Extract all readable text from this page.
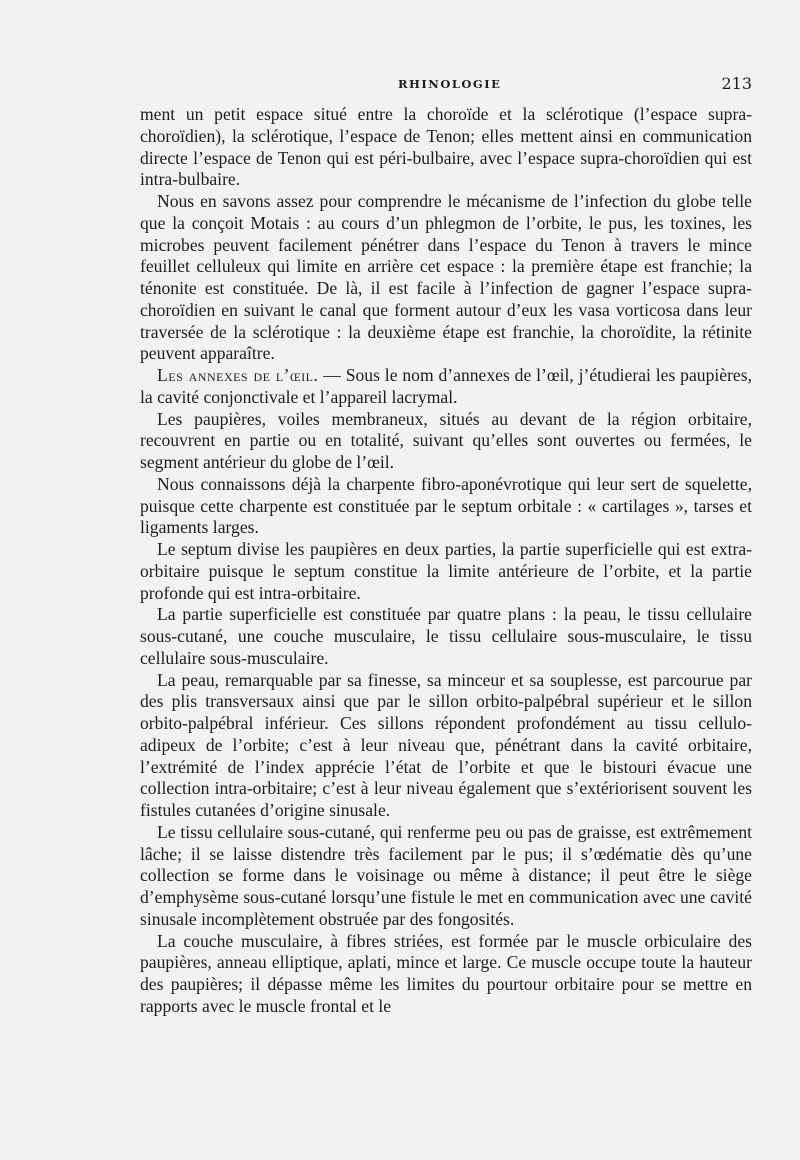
RHINOLOGIE	213

ment un petit espace situé entre la choroïde et la sclérotique (l’espace supra-choroïdien), la sclérotique, l’espace de Tenon; elles mettent ainsi en communication directe l’espace de Tenon qui est péri-bulbaire, avec l’espace supra-choroïdien qui est intra-bulbaire.

Nous en savons assez pour comprendre le mécanisme de l’infection du globe telle que la conçoit Motais : au cours d’un phlegmon de l’orbite, le pus, les toxines, les microbes peuvent facilement pénétrer dans l’espace du Tenon à travers le mince feuillet celluleux qui limite en arrière cet espace : la première étape est franchie; la ténonite est constituée. De là, il est facile à l’infection de gagner l’espace supra-choroïdien en suivant le canal que forment autour d’eux les vasa vorticosa dans leur traversée de la sclérotique : la deuxième étape est franchie, la choroïdite, la rétinite peuvent apparaître.

Les annexes de l’œil. — Sous le nom d’annexes de l’œil, j’étudierai les paupières, la cavité conjonctivale et l’appareil lacrymal.

Les paupières, voiles membraneux, situés au devant de la région orbitaire, recouvrent en partie ou en totalité, suivant qu’elles sont ouvertes ou fermées, le segment antérieur du globe de l’œil.

Nous connaissons déjà la charpente fibro-aponévrotique qui leur sert de squelette, puisque cette charpente est constituée par le septum orbitale : « cartilages », tarses et ligaments larges.

Le septum divise les paupières en deux parties, la partie superficielle qui est extra-orbitaire puisque le septum constitue la limite antérieure de l’orbite, et la partie profonde qui est intra-orbitaire.

La partie superficielle est constituée par quatre plans : la peau, le tissu cellulaire sous-cutané, une couche musculaire, le tissu cellulaire sous-musculaire, le tissu cellulaire sous-musculaire.

La peau, remarquable par sa finesse, sa minceur et sa souplesse, est parcourue par des plis transversaux ainsi que par le sillon orbito-palpébral supérieur et le sillon orbito-palpébral inférieur. Ces sillons répondent profondément au tissu cellulo-adipeux de l’orbite; c’est à leur niveau que, pénétrant dans la cavité orbitaire, l’extrémité de l’index apprécie l’état de l’orbite et que le bistouri évacue une collection intra-orbitaire; c’est à leur niveau également que s’extériorisent souvent les fistules cutanées d’origine sinusale.

Le tissu cellulaire sous-cutané, qui renferme peu ou pas de graisse, est extrêmement lâche; il se laisse distendre très facilement par le pus; il s’œdématie dès qu’une collection se forme dans le voisinage ou même à distance; il peut être le siège d’emphysème sous-cutané lorsqu’une fistule le met en communication avec une cavité sinusale incomplètement obstruée par des fongosités.

La couche musculaire, à fibres striées, est formée par le muscle orbiculaire des paupières, anneau elliptique, aplati, mince et large. Ce muscle occupe toute la hauteur des paupières; il dépasse même les limites du pourtour orbitaire pour se mettre en rapports avec le muscle frontal et le
